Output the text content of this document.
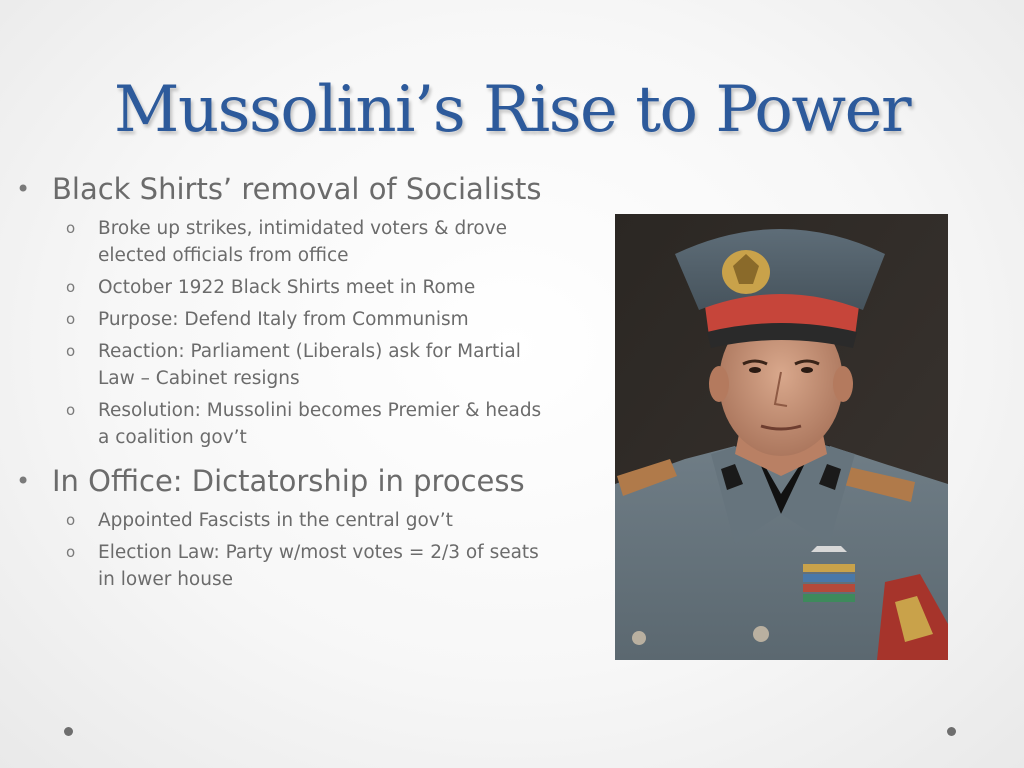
Mussolini’s Rise to Power

• Black Shirts’ removal of Socialists

o Broke up strikes, intimidated voters & drove elected officials from office

o October 1922 Black Shirts meet in Rome

o Purpose: Defend Italy from Communism

o Reaction: Parliament (Liberals) ask for Martial Law – Cabinet resigns

o Resolution: Mussolini becomes Premier & heads a coalition gov’t

• In Office: Dictatorship in process

o Appointed Fascists in the central gov’t

o Election Law: Party w/most votes = 2/3 of seats in lower house
